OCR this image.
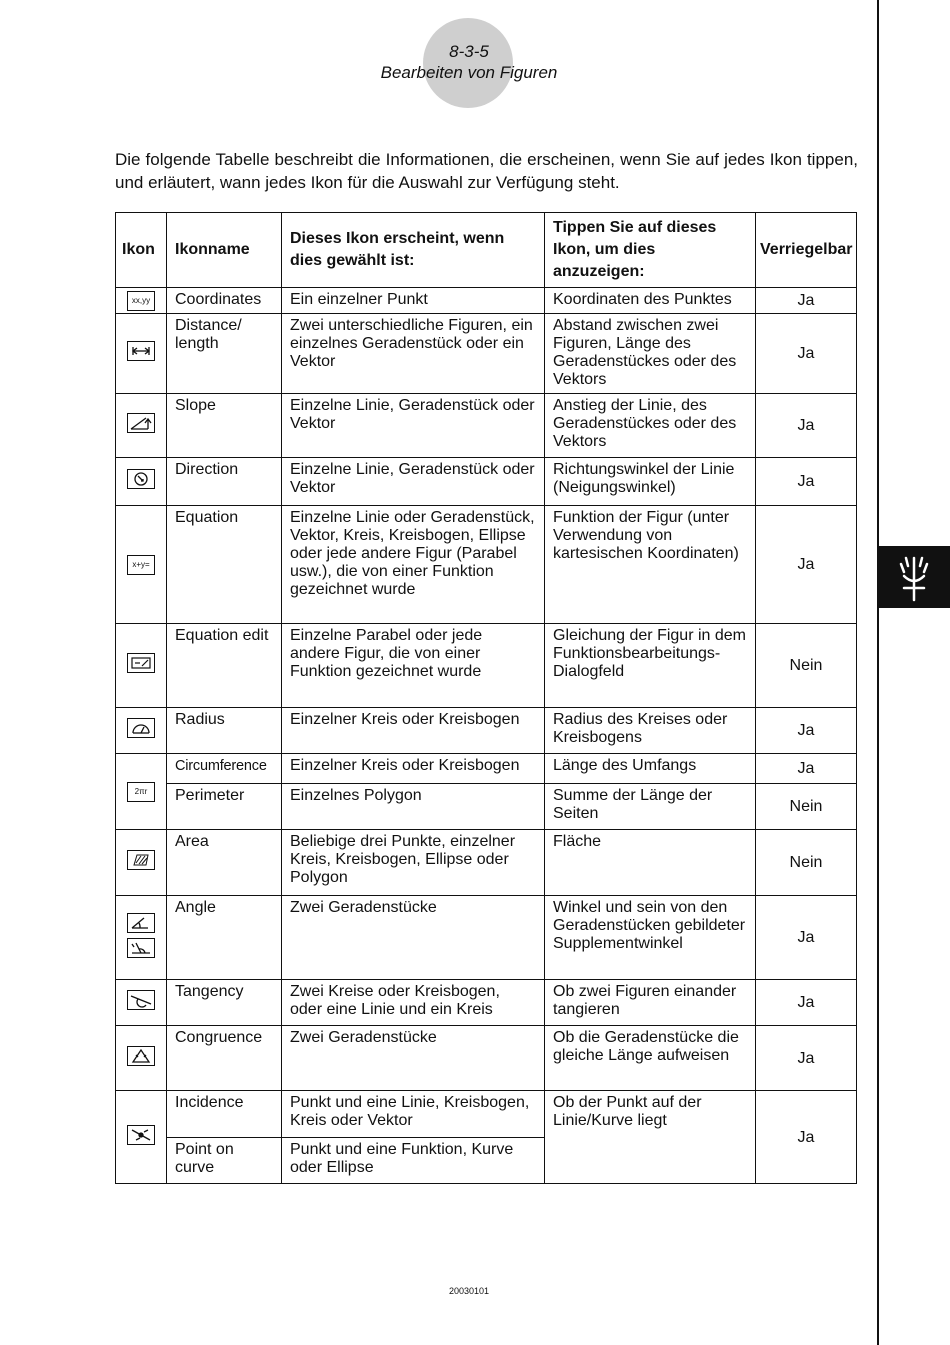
8-3-5
Bearbeiten von Figuren
Die folgende Tabelle beschreibt die Informationen, die erscheinen, wenn Sie auf jedes Ikon tippen, und erläutert, wann jedes Ikon für die Auswahl zur Verfügung steht.
Ikon	Ikonname	Dieses Ikon erscheint, wenn dies gewählt ist:	Tippen Sie auf dieses Ikon, um dies anzuzeigen:	Verriegelbar
xx,yy	Coordinates	Ein einzelner Punkt	Koordinaten des Punktes	Ja

	Distance/ length	Zwei unterschiedliche Figuren, ein einzelnes Geradenstück oder ein Vektor	Abstand zwischen zwei Figuren, Länge des Geradenstückes oder des Vektors	Ja

	Slope	Einzelne Linie, Geradenstück oder Vektor	Anstieg der Linie, des Geradenstückes oder des Vektors	Ja

	Direction	Einzelne Linie, Geradenstück oder Vektor	Richtungswinkel der Linie (Neigungswinkel)	Ja
x+y=	Equation	Einzelne Linie oder Geradenstück, Vektor, Kreis, Kreisbogen, Ellipse oder jede andere Figur (Parabel usw.), die von einer Funktion gezeichnet wurde	Funktion der Figur (unter Verwendung von kartesischen Koordinaten)	Ja

	Equation edit	Einzelne Parabel oder jede andere Figur, die von einer Funktion gezeichnet wurde	Gleichung der Figur in dem Funktionsbearbeitungs-Dialogfeld	Nein

	Radius	Einzelner Kreis oder Kreisbogen	Radius des Kreises oder Kreisbogens	Ja
2πr	Circumference	Einzelner Kreis oder Kreisbogen	Länge des Umfangs	Ja
	Perimeter	Einzelnes Polygon	Summe der Länge der Seiten	Nein

	Area	Beliebige drei Punkte, einzelner Kreis, Kreisbogen, Ellipse oder Polygon	Fläche	Nein

	Angle	Zwei Geradenstücke	Winkel und sein von den Geradenstücken gebildeter Supplementwinkel	Ja

	Tangency	Zwei Kreise oder Kreisbogen, oder eine Linie und ein Kreis	Ob zwei Figuren einander tangieren	Ja

	Congruence	Zwei Geradenstücke	Ob die Geradenstücke die gleiche Länge aufweisen	Ja

	Incidence	Punkt und eine Linie, Kreisbogen, Kreis oder Vektor	Ob der Punkt auf der Linie/Kurve liegt	Ja
	Point on curve	Punkt und eine Funktion, Kurve oder Ellipse		
20030101
